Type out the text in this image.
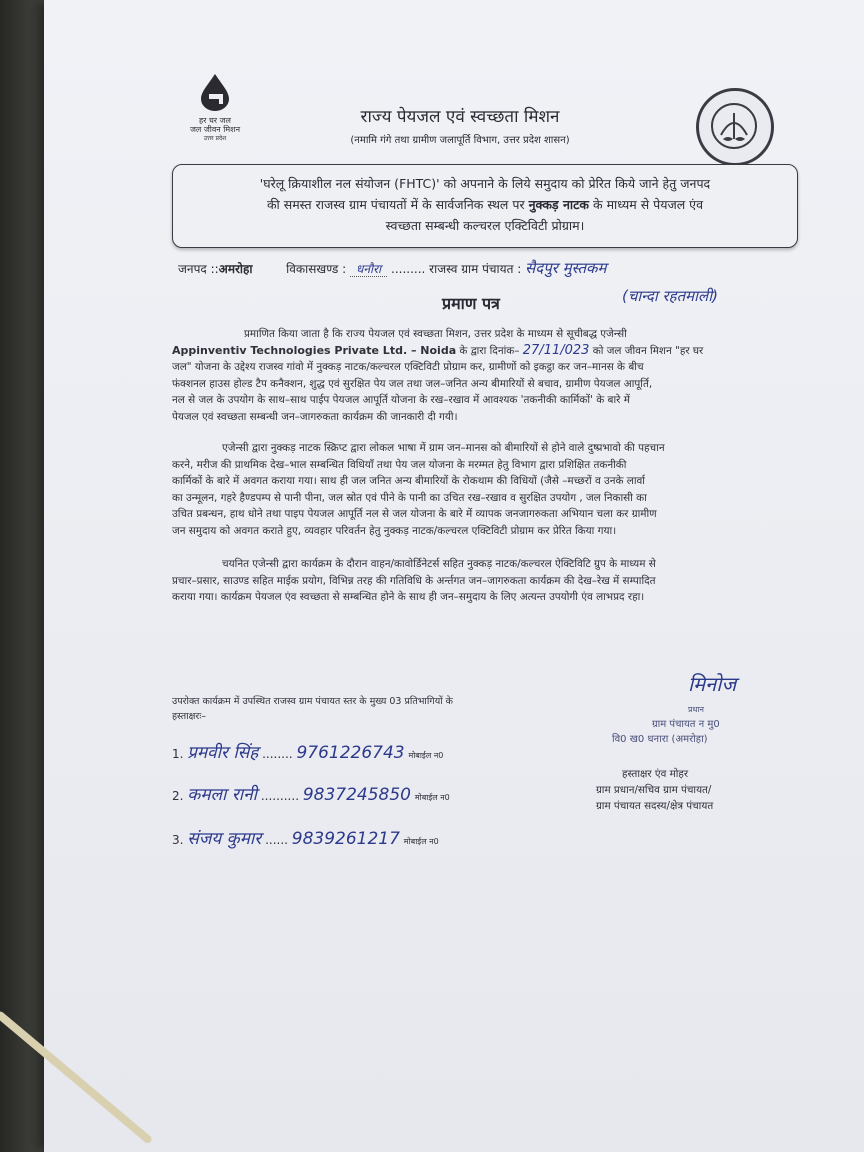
हर घर जल
जल जीवन मिशन
उत्तर प्रदेश
राज्य पेयजल एवं स्वच्छता मिशन
(नमामि गंगे तथा ग्रामीण जलापूर्ति विभाग, उत्तर प्रदेश शासन)

'घरेलू क्रियाशील नल संयोजन (FHTC)' को अपनाने के लिये समुदाय को प्रेरित किये जाने हेतु जनपद
की समस्त राजस्व ग्राम पंचायतों में के सार्वजनिक स्थल पर नुक्कड़ नाटक के माध्यम से पेयजल एंव
स्वच्छता सम्बन्धी कल्चरल एक्टिविटी प्रोग्राम।

जनपद ::अमरोहा	विकासखण्ड : धनौरा ......... राजस्व ग्राम पंचायत : सैदपुर मुस्तकम
(चान्दा रहतमाली)
प्रमाण पत्र
प्रमाणित किया जाता है कि राज्य पेयजल एवं स्वच्छता मिशन, उत्तर प्रदेश के माध्यम से सूचीबद्ध एजेन्सी
Appinventiv Technologies Private Ltd. – Noida के द्वारा दिनांक– 27/11/023 को जल जीवन मिशन "हर घर
जल" योजना के उद्देश्य राजस्व गांवो में नुक्कड़ नाटक/कल्चरल एक्टिविटी प्रोग्राम कर, ग्रामीणों को इकट्ठा कर जन–मानस के बीच
फंक्शनल हाउस होल्ड टैप कनैक्शन, शुद्ध एवं सुरक्षित पेय जल तथा जल–जनित अन्य बीमारियों से बचाव, ग्रामीण पेयजल आपूर्ति,
नल से जल के उपयोग के साथ–साथ पाईप पेयजल आपूर्ति योजना के रख–रखाव में आवश्यक 'तकनीकी कार्मिकों' के बारे में
पेयजल एवं स्वच्छता सम्बन्धी जन–जागरुकता कार्यक्रम की जानकारी दी गयी।
एजेन्सी द्वारा नुक्कड़ नाटक स्क्रिप्ट द्वारा लोकल भाषा में ग्राम जन–मानस को बीमारियों से होने वाले दुष्प्रभावो की पहचान
करने, मरीज की प्राथमिक देख–भाल सम्बन्धित विधियाँ तथा पेय जल योजना के मरम्मत हेतु विभाग द्वारा प्रशिक्षित तकनीकी
कार्मिकों के बारे में अवगत कराया गया। साथ ही जल जनित अन्य बीमारियों के रोकथाम की विधियों (जैसे –मच्छरों व उनके लार्वा
का उन्मूलन, गहरे हैण्डपम्प से पानी पीना, जल स्रोत एवं पीने के पानी का उचित रख–रखाव व सुरक्षित उपयोग , जल निकासी का
उचित प्रबन्धन, हाथ धोने तथा पाइप पेयजल आपूर्ति नल से जल योजना के बारे में व्यापक जनजागरुकता अभियान चला कर ग्रामीण
जन समुदाय को अवगत कराते हुए, व्यवहार परिवर्तन हेतु नुक्कड़ नाटक/कल्चरल एक्टिविटी प्रोग्राम कर प्रेरित किया गया।
चयनित एजेन्सी द्वारा कार्यक्रम के दौरान वाहन/कावोर्डिनेटर्स सहित नुक्कड़ नाटक/कल्चरल ऐक्टिविटि ग्रुप के माध्यम से
प्रचार–प्रसार, साउण्ड सहित माईक प्रयोग, विभिन्न तरह की गतिविधि के अर्न्तगत जन–जागरुकता कार्यक्रम की देख–रेख में सम्पादित
कराया गया। कार्यक्रम पेयजल एंव स्वच्छता से सम्बन्धित होने के साथ ही जन–समुदाय के लिए अत्यन्त उपयोगी एंव लाभप्रद रहा।
उपरोक्त कार्यक्रम में उपस्थित राजस्व ग्राम पंचायत स्तर के मुख्य 03 प्रतिभागियों के
हस्ताक्षरः–
1. प्रमवीर सिंह ........ 9761226743 मोबाईल न0
2. कमला रानी .......... 9837245850 मोबाईल न0
3. संजय कुमार ...... 9839261217 मोबाईल न0
मिनोज
प्रधान
ग्राम पंचायत न मु0
वि0 ख0 धनारा (अमरोहा)
हस्ताक्षर एंव मोहर
ग्राम प्रधान/सचिव ग्राम पंचायत/
ग्राम पंचायत सदस्य/क्षेत्र पंचायत
